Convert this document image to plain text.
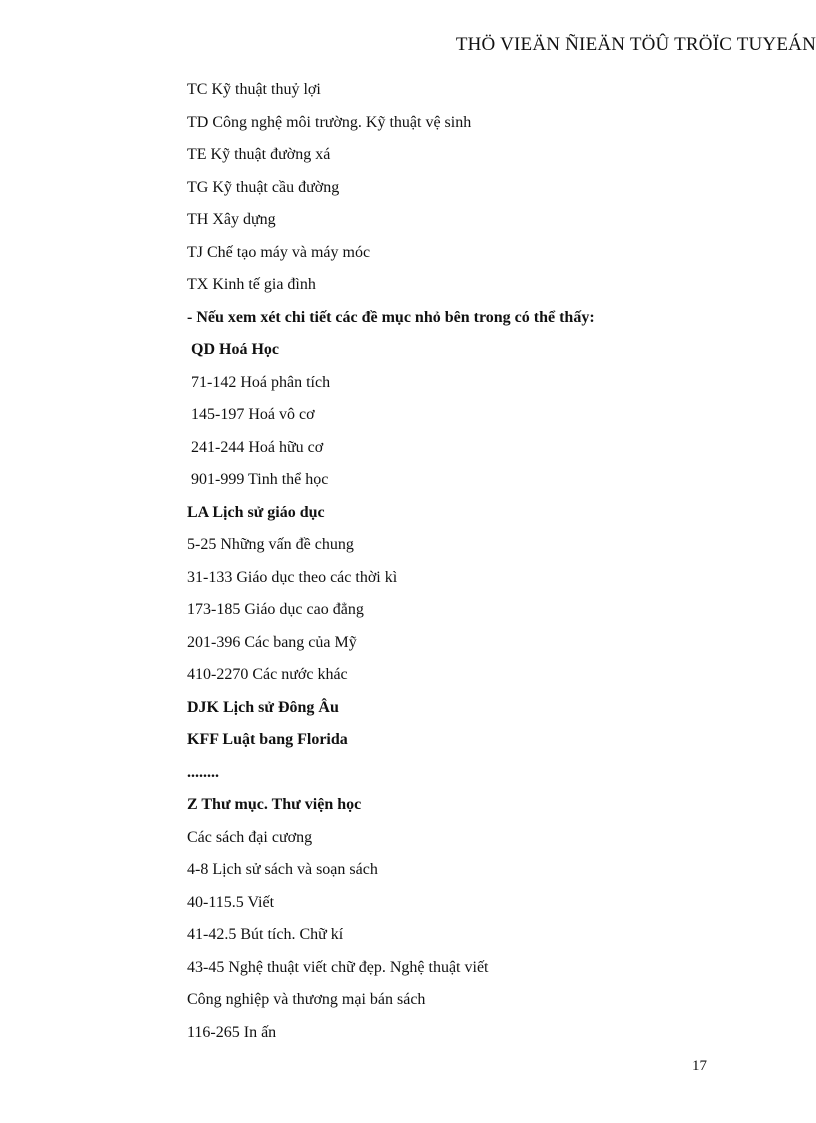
THÖ VIEÄN ÑIEÄN TÖÛ TRÖÏC TUYEÁN
TC Kỹ thuật thuỷ lợi
TD Công nghệ môi trường. Kỹ thuật vệ sinh
TE Kỹ thuật đường xá
TG Kỹ thuật cầu đường
TH Xây dựng
TJ Chế tạo máy và máy móc
TX Kinh tế gia đình
- Nếu xem xét chi tiết các đề mục nhỏ bên trong có thể thấy:
QD Hoá Học
71-142 Hoá phân tích
145-197 Hoá vô cơ
241-244 Hoá hữu cơ
901-999 Tinh thể học
LA Lịch sử giáo dục
5-25 Những vấn đề chung
31-133 Giáo dục theo các thời kì
173-185 Giáo dục cao đẳng
201-396 Các bang của Mỹ
410-2270 Các nước khác
DJK Lịch sử Đông Âu
KFF Luật bang Florida
........
Z Thư mục. Thư viện học
Các sách đại cương
4-8 Lịch sử sách và soạn sách
40-115.5 Viết
41-42.5 Bút tích. Chữ kí
43-45 Nghệ thuật viết chữ đẹp. Nghệ thuật viết
Công nghiệp và thương mại bán sách
116-265 In ấn
17
